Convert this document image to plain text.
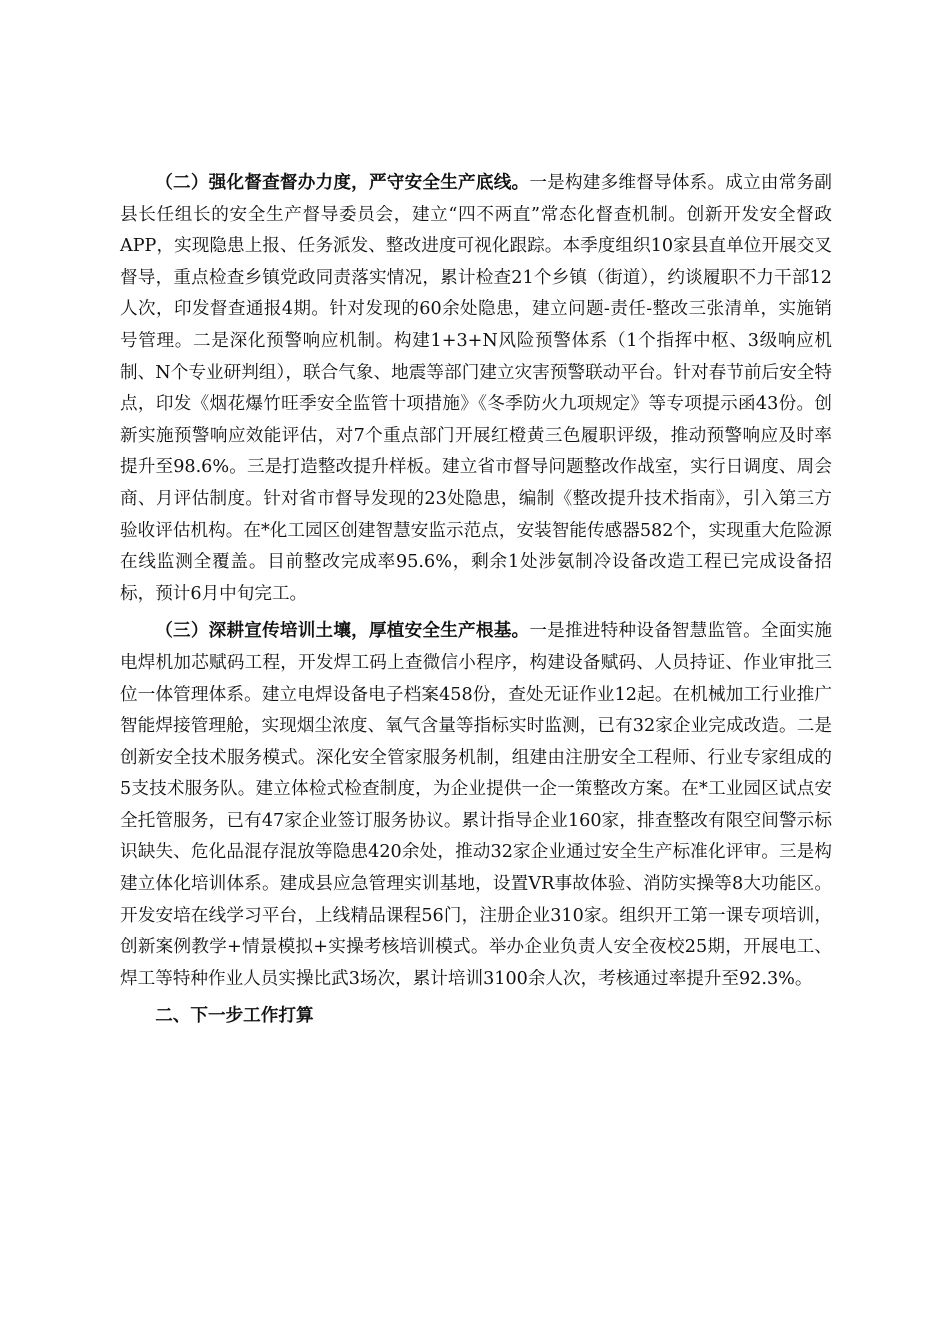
（二）强化督查督办力度，严守安全生产底线。一是构建多维督导体系。成立由常务副县长任组长的安全生产督导委员会，建立“四不两直”常态化督查机制。创新开发安全督政APP，实现隐患上报、任务派发、整改进度可视化跟踪。本季度组织10家县直单位开展交叉督导，重点检查乡镇党政同责落实情况，累计检查21个乡镇（街道），约谈履职不力干部12人次，印发督查通报4期。针对发现的60余处隐患，建立问题-责任-整改三张清单，实施销号管理。二是深化预警响应机制。构建1+3+N风险预警体系（1个指挥中枢、3级响应机制、N个专业研判组），联合气象、地震等部门建立灾害预警联动平台。针对春节前后安全特点，印发《烟花爆竹旺季安全监管十项措施》《冬季防火九项规定》等专项提示函43份。创新实施预警响应效能评估，对7个重点部门开展红橙黄三色履职评级，推动预警响应及时率提升至98.6%。三是打造整改提升样板。建立省市督导问题整改作战室，实行日调度、周会商、月评估制度。针对省市督导发现的23处隐患，编制《整改提升技术指南》，引入第三方验收评估机构。在*化工园区创建智慧安监示范点，安装智能传感器582个，实现重大危险源在线监测全覆盖。目前整改完成率95.6%，剩余1处涉氨制冷设备改造工程已完成设备招标，预计6月中旬完工。

（三）深耕宣传培训土壤，厚植安全生产根基。一是推进特种设备智慧监管。全面实施电焊机加芯赋码工程，开发焊工码上查微信小程序，构建设备赋码、人员持证、作业审批三位一体管理体系。建立电焊设备电子档案458份，查处无证作业12起。在机械加工行业推广智能焊接管理舱，实现烟尘浓度、氧气含量等指标实时监测，已有32家企业完成改造。二是创新安全技术服务模式。深化安全管家服务机制，组建由注册安全工程师、行业专家组成的5支技术服务队。建立体检式检查制度，为企业提供一企一策整改方案。在*工业园区试点安全托管服务，已有47家企业签订服务协议。累计指导企业160家，排查整改有限空间警示标识缺失、危化品混存混放等隐患420余处，推动32家企业通过安全生产标准化评审。三是构建立体化培训体系。建成县应急管理实训基地，设置VR事故体验、消防实操等8大功能区。开发安培在线学习平台，上线精品课程56门，注册企业310家。组织开工第一课专项培训，创新案例教学+情景模拟+实操考核培训模式。举办企业负责人安全夜校25期，开展电工、焊工等特种作业人员实操比武3场次，累计培训3100余人次，考核通过率提升至92.3%。

二、下一步工作打算
